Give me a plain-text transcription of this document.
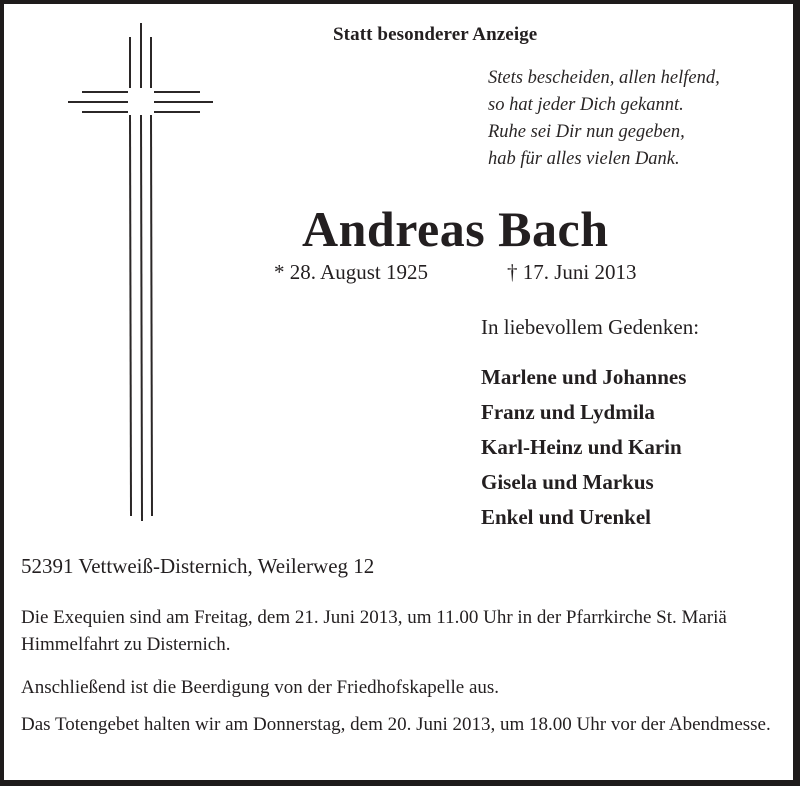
Statt besonderer Anzeige
Stets bescheiden, allen helfend,
so hat jeder Dich gekannt.
Ruhe sei Dir nun gegeben,
hab für alles vielen Dank.
Andreas Bach
* 28. August 1925	† 17. Juni 2013
In liebevollem Gedenken:
Marlene und Johannes
Franz und Lydmila
Karl-Heinz und Karin
Gisela und Markus
Enkel und Urenkel
52391 Vettweiß-Disternich, Weilerweg 12
Die Exequien sind am Freitag, dem 21. Juni 2013, um 11.00 Uhr in der Pfarrkirche St. Mariä Himmelfahrt zu Disternich.
Anschließend ist die Beerdigung von der Friedhofskapelle aus.
Das Totengebet halten wir am Donnerstag, dem 20. Juni 2013, um 18.00 Uhr vor der Abendmesse.
